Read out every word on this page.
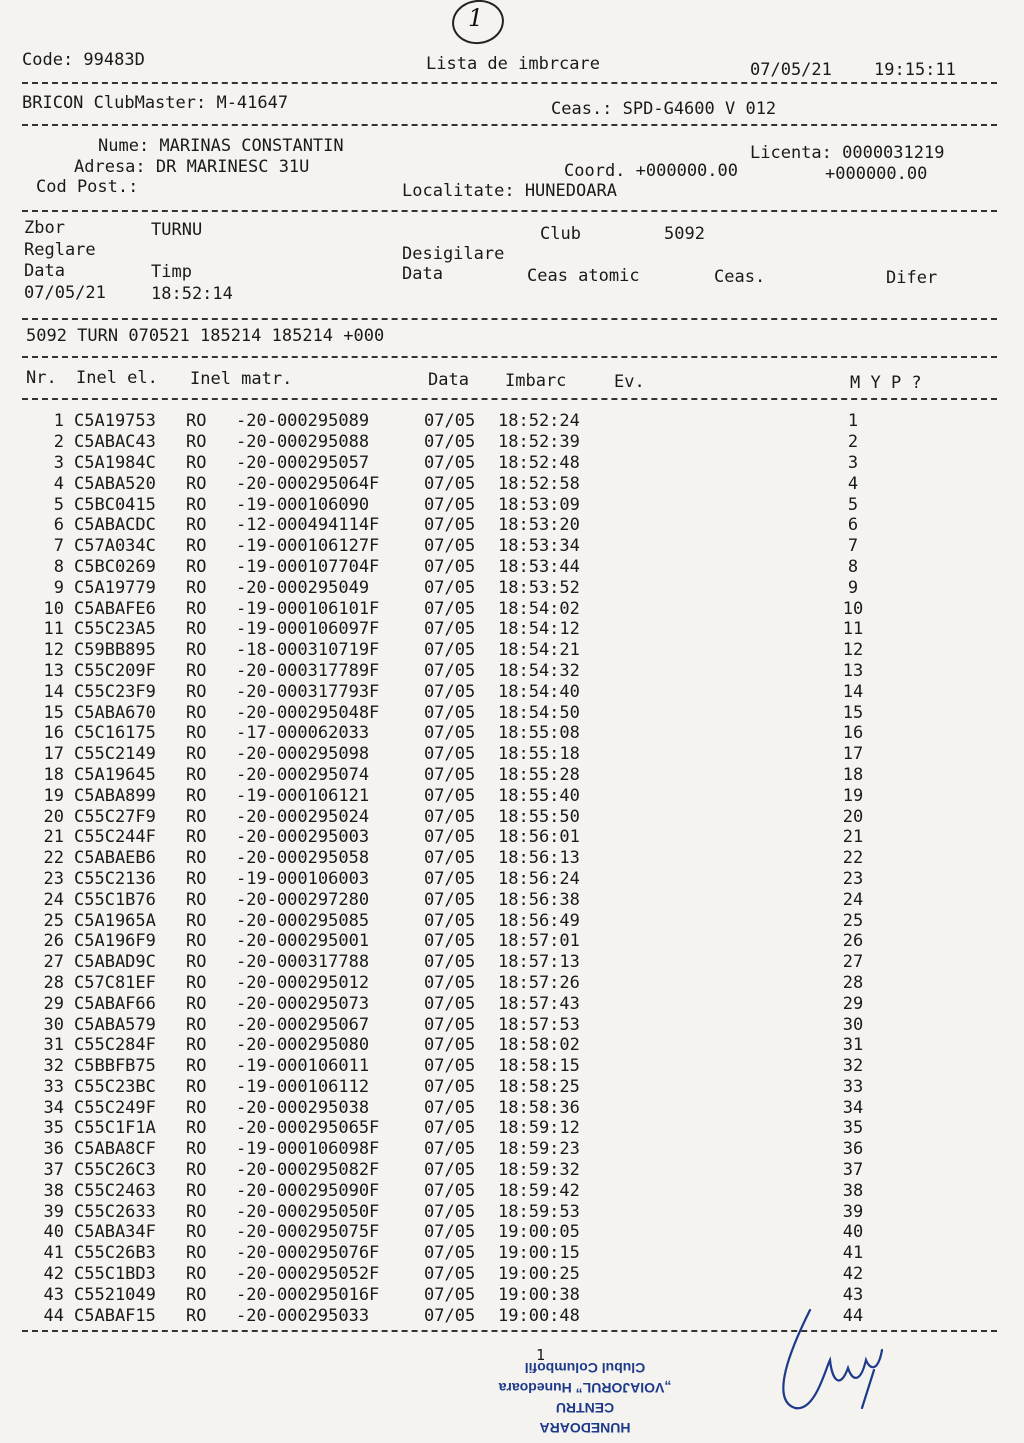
1
Code: 99483D	Lista de imbrcare	07/05/21 19:15:11
BRICON ClubMaster: M-41647	Ceas.: SPD-G4600 V 012
Nume: MARINAS CONSTANTIN
Adresa: DR MARINESC 31U
Cod Post.:
Licenta: 0000031219
Coord. +000000.00	+000000.00
Localitate: HUNEDOARA
Zbor	TURNU	Club	5092
Reglare	Desigilare
Data	Timp	Data	Ceas atomic	Ceas.	Difer
07/05/21	18:52:14
5092 TURN 070521 185214 185214 +000
Nr. Inel el. Inel matr.	Data Imbarc	Ev.	M Y P ?
1	C5A19753	RO	-20-000295089	07/05	18:52:24	1
2	C5ABAC43	RO	-20-000295088	07/05	18:52:39	2
3	C5A1984C	RO	-20-000295057	07/05	18:52:48	3
4	C5ABA520	RO	-20-000295064F	07/05	18:52:58	4
5	C5BC0415	RO	-19-000106090	07/05	18:53:09	5
6	C5ABACDC	RO	-12-000494114F	07/05	18:53:20	6
7	C57A034C	RO	-19-000106127F	07/05	18:53:34	7
8	C5BC0269	RO	-19-000107704F	07/05	18:53:44	8
9	C5A19779	RO	-20-000295049	07/05	18:53:52	9
10	C5ABAFE6	RO	-19-000106101F	07/05	18:54:02	10
11	C55C23A5	RO	-19-000106097F	07/05	18:54:12	11
12	C59BB895	RO	-18-000310719F	07/05	18:54:21	12
13	C55C209F	RO	-20-000317789F	07/05	18:54:32	13
14	C55C23F9	RO	-20-000317793F	07/05	18:54:40	14
15	C5ABA670	RO	-20-000295048F	07/05	18:54:50	15
16	C5C16175	RO	-17-000062033	07/05	18:55:08	16
17	C55C2149	RO	-20-000295098	07/05	18:55:18	17
18	C5A19645	RO	-20-000295074	07/05	18:55:28	18
19	C5ABA899	RO	-19-000106121	07/05	18:55:40	19
20	C55C27F9	RO	-20-000295024	07/05	18:55:50	20
21	C55C244F	RO	-20-000295003	07/05	18:56:01	21
22	C5ABAEB6	RO	-20-000295058	07/05	18:56:13	22
23	C55C2136	RO	-19-000106003	07/05	18:56:24	23
24	C55C1B76	RO	-20-000297280	07/05	18:56:38	24
25	C5A1965A	RO	-20-000295085	07/05	18:56:49	25
26	C5A196F9	RO	-20-000295001	07/05	18:57:01	26
27	C5ABAD9C	RO	-20-000317788	07/05	18:57:13	27
28	C57C81EF	RO	-20-000295012	07/05	18:57:26	28
29	C5ABAF66	RO	-20-000295073	07/05	18:57:43	29
30	C5ABA579	RO	-20-000295067	07/05	18:57:53	30
31	C55C284F	RO	-20-000295080	07/05	18:58:02	31
32	C5BBFB75	RO	-19-000106011	07/05	18:58:15	32
33	C55C23BC	RO	-19-000106112	07/05	18:58:25	33
34	C55C249F	RO	-20-000295038	07/05	18:58:36	34
35	C55C1F1A	RO	-20-000295065F	07/05	18:59:12	35
36	C5ABA8CF	RO	-19-000106098F	07/05	18:59:23	36
37	C55C26C3	RO	-20-000295082F	07/05	18:59:32	37
38	C55C2463	RO	-20-000295090F	07/05	18:59:42	38
39	C55C2633	RO	-20-000295050F	07/05	18:59:53	39
40	C5ABA34F	RO	-20-000295075F	07/05	19:00:05	40
41	C55C26B3	RO	-20-000295076F	07/05	19:00:15	41
42	C55C1BD3	RO	-20-000295052F	07/05	19:00:25	42
43	C5521049	RO	-20-000295016F	07/05	19:00:38	43
44	C5ABAF15	RO	-20-000295033	07/05	19:00:48	44
1
HUNEDOARA
CENTRU
„VOIAJORUL” Hunedoara
Clubul Columbofil
